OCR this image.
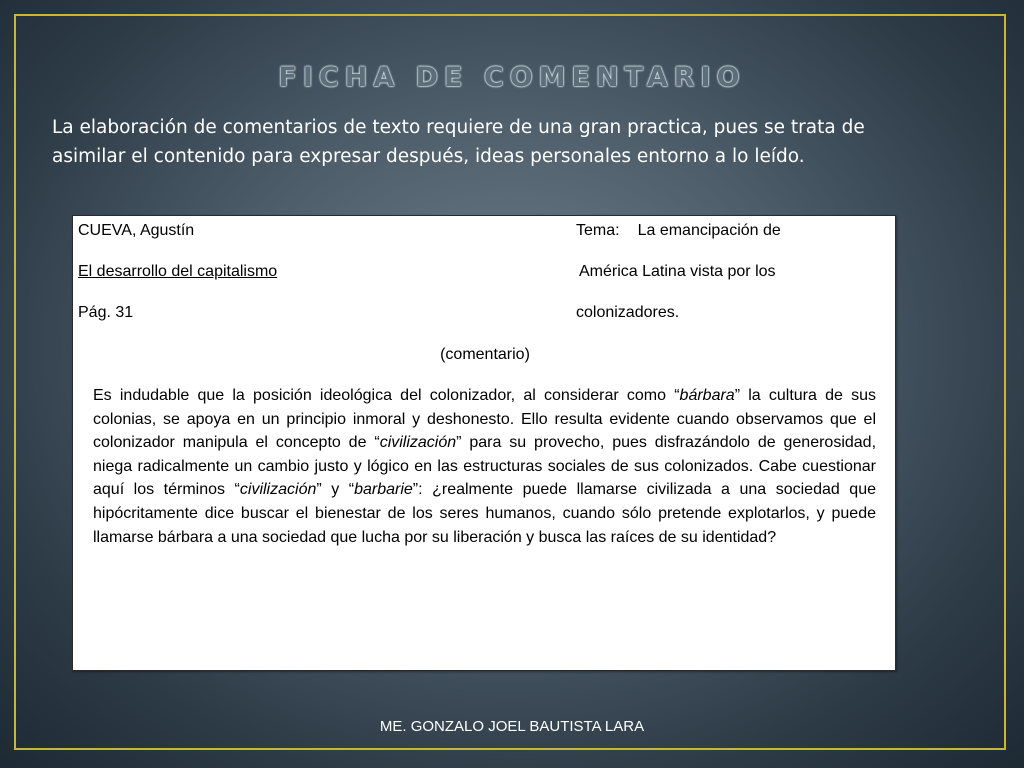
FICHA DE COMENTARIO
La elaboración de comentarios de texto requiere de una gran practica, pues se trata de asimilar el contenido para expresar después, ideas personales entorno a lo leído.
CUEVA, Agustín
El desarrollo del capitalismo
Pág. 31
Tema: La emancipación de
América Latina vista por los
colonizadores.
(comentario)
Es indudable que la posición ideológica del colonizador, al considerar como “bárbara” la cultura de sus colonias, se apoya en un principio inmoral y deshonesto. Ello resulta evidente cuando observamos que el colonizador manipula el concepto de “civilización” para su provecho, pues disfrazándolo de generosidad, niega radicalmente un cambio justo y lógico en las estructuras sociales de sus colonizados. Cabe cuestionar aquí los términos “civilización” y “barbarie”: ¿realmente puede llamarse civilizada a una sociedad que hipócritamente dice buscar el bienestar de los seres humanos, cuando sólo pretende explotarlos, y puede llamarse bárbara a una sociedad que lucha por su liberación y busca las raíces de su identidad?
ME. GONZALO JOEL BAUTISTA LARA
